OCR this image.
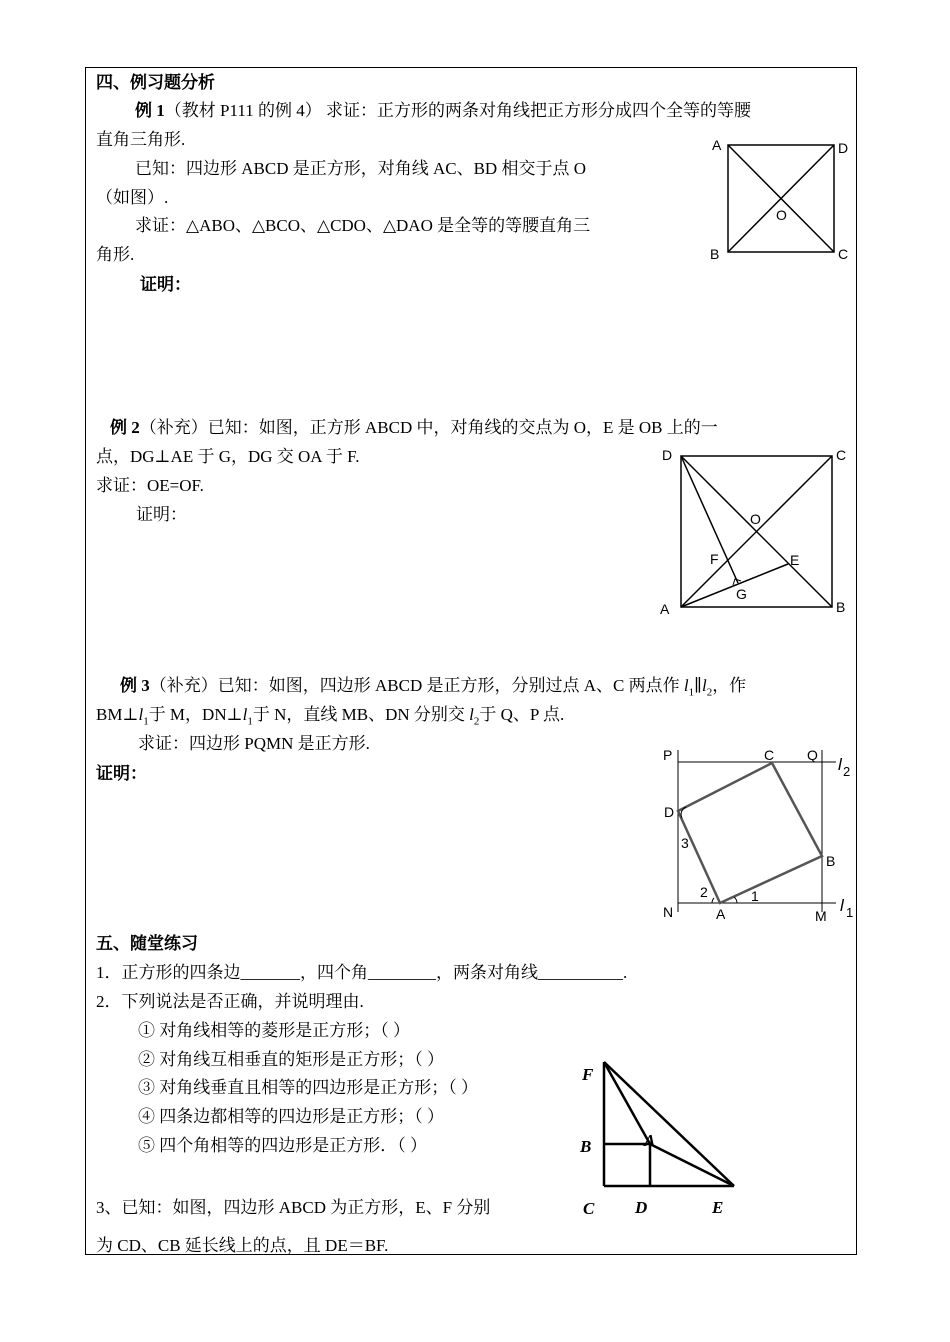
四、例习题分析
例 1（教材 P111 的例 4） 求证：正方形的两条对角线把正方形分成四个全等的等腰
直角三角形.
已知：四边形 ABCD 是正方形，对角线 AC、BD 相交于点 O
（如图）.
求证：△ABO、△BCO、△CDO、△DAO 是全等的等腰直角三
角形.
证明：
A	D
B	C
O
例 2（补充）已知：如图，正方形 ABCD 中，对角线的交点为 O，E 是 OB 上的一
点，DG⊥AE 于 G，DG 交 OA 于 F.
求证：OE=OF.
证明：
D	C
A	B
O
E
F
G
例 3（补充）已知：如图，四边形 ABCD 是正方形，分别过点 A、C 两点作 $l_1\parallel l_2$，作
$BM\perp l_1$于 M，$DN\perp l_1$于 N，直线 MB、DN 分别交 $l_2$于 Q、P 点.
求证：四边形 PQMN 是正方形.
证明：
P	C Q
D
B
N	A	M
3
2	1
l 2
l 1
五、随堂练习
1．正方形的四条边_______，四个角________，两条对角线__________.
2．下列说法是否正确，并说明理由.
① 对角线相等的菱形是正方形；（ ）
② 对角线互相垂直的矩形是正方形；（ ）
③ 对角线垂直且相等的四边形是正方形；（ ）
④ 四条边都相等的四边形是正方形；（ ）
⑤ 四个角相等的四边形是正方形．（ ）
3、已知：如图，四边形 ABCD 为正方形，E、F 分别
为 CD、CB 延长线上的点，且 DE＝BF.
F
B	A
C D	E
